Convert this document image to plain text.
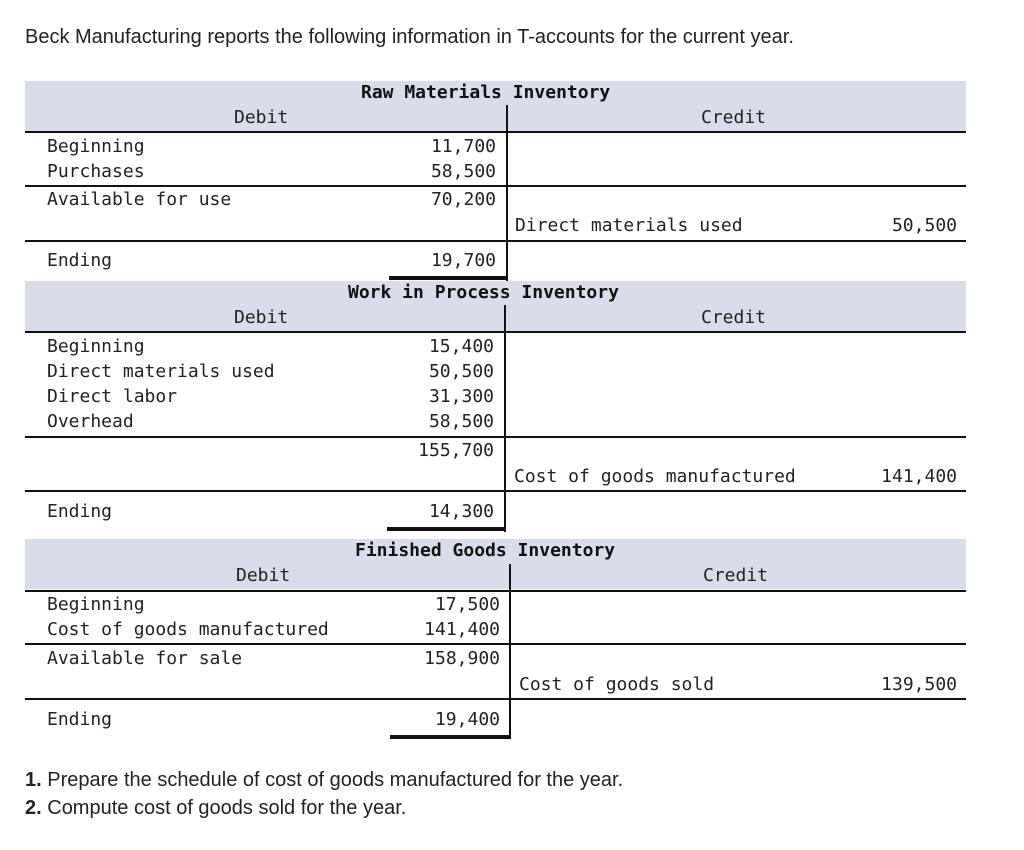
Beck Manufacturing reports the following information in T-accounts for the current year.
Raw Materials Inventory
Debit	Credit
Beginning	11,700
Purchases	58,500
Available for use	70,200
Direct materials used	50,500
Ending	19,700
Work in Process Inventory
Debit	Credit
Beginning	15,400
Direct materials used	50,500
Direct labor	31,300
Overhead	58,500
155,700
Cost of goods manufactured	141,400
Ending	14,300
Finished Goods Inventory
Debit	Credit
Beginning	17,500
Cost of goods manufactured	141,400
Available for sale	158,900
Cost of goods sold	139,500
Ending	19,400
1. Prepare the schedule of cost of goods manufactured for the year.
2. Compute cost of goods sold for the year.
